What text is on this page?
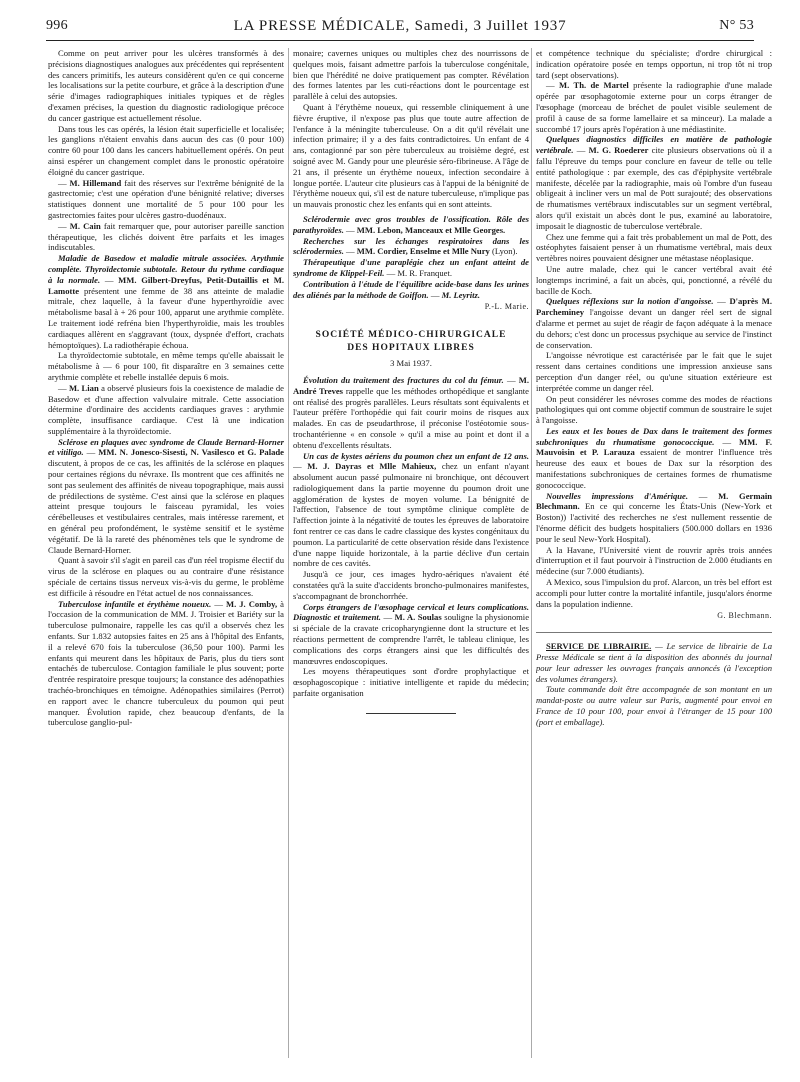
996	LA PRESSE MÉDICALE, Samedi, 3 Juillet 1937	N° 53

Comme on peut arriver pour les ulcères transformés à des précisions diagnostiques analogues aux précédentes qui représentent des cancers primitifs, les auteurs considèrent qu'en ce qui concerne les localisations sur la petite courbure, et grâce à la description d'une série d'images radiographiques initiales typiques et de règles d'examen précises, la question du diagnostic radiologique précoce du cancer gastrique est actuellement résolue.

Dans tous les cas opérés, la lésion était superficielle et localisée; les ganglions n'étaient envahis dans aucun des cas (0 pour 100) contre 60 pour 100 dans les cancers habituellement opérés. On peut ainsi espérer un changement complet dans le pronostic opératoire éloigné du cancer gastrique.

— M. Hillemand fait des réserves sur l'extrême bénignité de la gastrectomie; c'est une opération d'une bénignité relative; diverses statistiques donnent une mortalité de 5 pour 100 pour les gastrectomies faites pour ulcères gastro-duodénaux.

— M. Cain fait remarquer que, pour autoriser pareille sanction thérapeutique, les clichés doivent être parfaits et les images indiscutables.

Maladie de Basedow et maladie mitrale associées. Arythmie complète. Thyroïdectomie subtotale. Retour du rythme cardiaque à la normale. — MM. Gilbert-Dreyfus, Petit-Dutaillis et M. Lamotte présentent une femme de 38 ans atteinte de maladie mitrale, chez laquelle, à la faveur d'une hyperthyroïdie avec métabolisme basal à + 26 pour 100, apparut une arythmie complète. Le traitement iodé refréna bien l'hyperthyroïdie, mais les troubles cardiaques allèrent en s'aggravant (toux, dyspnée d'effort, crachats hémoptoïques). La radiothérapie échoua.

La thyroïdectomie subtotale, en même temps qu'elle abaissait le métabolisme à — 6 pour 100, fit disparaître en 3 semaines cette arythmie complète et rebelle installée depuis 6 mois.

— M. Lian a observé plusieurs fois la coexistence de maladie de Basedow et d'une affection valvulaire mitrale. Cette association détermine d'ordinaire des accidents cardiaques graves : arythmie complète, insuffisance cardiaque. C'est là une indication supplémentaire à la thyroïdectomie.

Sclérose en plaques avec syndrome de Claude Bernard-Horner et vitiligo. — MM. N. Jonesco-Sisesti, N. Vasilesco et G. Palade discutent, à propos de ce cas, les affinités de la sclérose en plaques pour certaines régions du névraxe. Ils montrent que ces affinités ne sont pas seulement des affinités de niveau topographique, mais aussi de prédilections de système. C'est ainsi que la sclérose en plaques atteint presque toujours le faisceau pyramidal, les voies cérébelleuses et vestibulaires centrales, mais intéresse rarement, et en général peu profondément, le système sensitif et le système végétatif. De là la rareté des phénomènes tels que le syndrome de Claude Bernard-Horner.

Quant à savoir s'il s'agit en pareil cas d'un réel tropisme électif du virus de la sclérose en plaques ou au contraire d'une résistance spéciale de certains tissus nerveux vis-à-vis du germe, le problème est difficile à résoudre en l'état actuel de nos connaissances.

Tuberculose infantile et érythème noueux. — M. J. Comby, à l'occasion de la communication de MM. J. Troisier et Bariéty sur la tuberculose pulmonaire, rappelle les cas qu'il a observés chez les enfants. Sur 1.832 autopsies faites en 25 ans à l'hôpital des Enfants, il a relevé 670 fois la tuberculose (36,50 pour 100). Parmi les enfants qui meurent dans les hôpitaux de Paris, plus du tiers sont entachés de tuberculose. Contagion familiale le plus souvent; porte d'entrée respiratoire presque toujours; la constance des adénopathies trachéo-bronchiques en témoigne. Adénopathies similaires (Perrot) en rapport avec le chancre tuberculeux du poumon qui peut manquer. Évolution rapide, chez beaucoup d'enfants, de la tuberculose ganglio-pul-

monaire; cavernes uniques ou multiples chez des nourrissons de quelques mois, faisant admettre parfois la tuberculose congénitale, bien que l'hérédité ne doive pratiquement pas compter. Révélation des formes latentes par les cuti-réactions dont le pourcentage est parallèle à celui des autopsies.

Quant à l'érythème noueux, qui ressemble cliniquement à une fièvre éruptive, il n'expose pas plus que toute autre affection de l'enfance à la méningite tuberculeuse. On a dit qu'il révélait une infection primaire; il y a des faits contradictoires. Un enfant de 4 ans, contagionné par son père tuberculeux au troisième degré, est soigné avec M. Gandy pour une pleurésie séro-fibrineuse. A l'âge de 21 ans, il présente un érythème noueux, infection secondaire à longue portée. L'auteur cite plusieurs cas à l'appui de la bénignité de l'érythème noueux qui, s'il est de nature tuberculeuse, n'implique pas un mauvais pronostic chez les enfants qui en sont atteints.

Sclérodermie avec gros troubles de l'ossification. Rôle des parathyroïdes. — MM. Lebon, Manceaux et Mlle Georges.

Recherches sur les échanges respiratoires dans les sclérodermies. — MM. Cordier, Enselme et Mlle Nury (Lyon).

Thérapeutique d'une paraplégie chez un enfant atteint de syndrome de Klippel-Feil. — M. R. Franquet.

Contribution à l'étude de l'équilibre acide-base dans les urines des aliénés par la méthode de Goiffon. — M. Leyritz.

P.-L. Marie.

SOCIÉTÉ MÉDICO-CHIRURGICALE
DES HOPITAUX LIBRES
3 Mai 1937.

Évolution du traitement des fractures du col du fémur. — M. André Treves rappelle que les méthodes orthopédique et sanglante ont réalisé des progrès parallèles. Leurs résultats sont équivalents et l'auteur préfère l'orthopédie qui fait courir moins de risques aux malades. En cas de pseudarthrose, il préconise l'ostéotomie sous-trochantérienne « en console » qu'il a mise au point et dont il a obtenu d'excellents résultats.

Un cas de kystes aériens du poumon chez un enfant de 12 ans. — M. J. Dayras et Mlle Mahieux, chez un enfant n'ayant absolument aucun passé pulmonaire ni bronchique, ont découvert radiologiquement dans la partie moyenne du poumon droit une agglomération de kystes de moyen volume. La bénignité de l'affection, l'absence de tout symptôme clinique complète de l'affection jointe à la négativité de toutes les épreuves de laboratoire font rentrer ce cas dans le cadre classique des kystes congénitaux du poumon. La particularité de cette observation réside dans l'existence d'une nappe liquide horizontale, à la partie déclive d'un certain nombre de ces cavités.

Jusqu'à ce jour, ces images hydro-aériques n'avaient été constatées qu'à la suite d'accidents broncho-pulmonaires manifestes, s'accompagnant de bronchorrhée.

Corps étrangers de l'œsophage cervical et leurs complications. Diagnostic et traitement. — M. A. Soulas souligne la physionomie si spéciale de la cravate cricopharyngienne dont la structure et les réactions permettent de comprendre l'arrêt, le tableau clinique, les complications des corps étrangers ainsi que les difficultés des manœuvres endoscopiques.

Les moyens thérapeutiques sont d'ordre prophylactique et œsophagoscopique : initiative intelligente et rapide du médecin; parfaite organisation

et compétence technique du spécialiste; d'ordre chirurgical : indication opératoire posée en temps opportun, ni trop tôt ni trop tard (sept observations).

— M. Th. de Martel présente la radiographie d'une malade opérée par œsophagotomie externe pour un corps étranger de l'œsophage (morceau de bréchet de poulet visible seulement de profil à cause de sa forme lamellaire et sa minceur). La malade a succombé 17 jours après l'opération à une médiastinite.

Quelques diagnostics difficiles en matière de pathologie vertébrale. — M. G. Roederer cite plusieurs observations où il a fallu l'épreuve du temps pour conclure en faveur de telle ou telle entité pathologique : par exemple, des cas d'épiphysite vertébrale manifeste, décelée par la radiographie, mais où l'ombre d'un fuseau obligeait à incliner vers un mal de Pott surajouté; des observations de rhumatismes vertébraux indiscutables sur un segment vertébral, alors qu'il existait un abcès dont le pus, examiné au laboratoire, imposait le diagnostic de tuberculose vertébrale.

Chez une femme qui a fait très probablement un mal de Pott, des ostéophytes faisaient penser à un rhumatisme vertébral, mais deux vertèbres noires pouvaient désigner une métastase néoplasique.

Une autre malade, chez qui le cancer vertébral avait été longtemps incriminé, a fait un abcès, qui, ponctionné, a révélé du bacille de Koch.

Quelques réflexions sur la notion d'angoisse. — D'après M. Parchemineу l'angoisse devant un danger réel sert de signal d'alarme et permet au sujet de réagir de façon adéquate à la menace du dehors; c'est donc un processus psychique au service de l'instinct de conservation.

L'angoisse névrotique est caractérisée par le fait que le sujet ressent dans certaines conditions une impression anxieuse sans perception d'un danger réel, ou qu'une situation extérieure est interprétée comme un danger réel.

On peut considérer les névroses comme des modes de réactions pathologiques qui ont comme objectif commun de soustraire le sujet à l'angoisse.

Les eaux et les boues de Dax dans le traitement des formes subchroniques du rhumatisme gonococcique. — MM. F. Mauvoisin et P. Larauza essaient de montrer l'influence très heureuse des eaux et boues de Dax sur la résorption des manifestations subchroniques de certaines formes de rhumatisme gonococcique.

Nouvelles impressions d'Amérique. — M. Germain Blechmann. En ce qui concerne les États-Unis (New-York et Boston)) l'activité des recherches ne s'est nullement ressentie de l'énorme déficit des budgets hospitaliers (500.000 dollars en 1936 pour le seul New-York Hospital).

A la Havane, l'Université vient de rouvrir après trois années d'interruption et il faut pourvoir à l'instruction de 2.000 étudiants en médecine (sur 7.000 étudiants).

A Mexico, sous l'impulsion du prof. Alarcon, un très bel effort est accompli pour lutter contre la mortalité infantile, jusqu'alors énorme dans la population indienne.

G. Blechmann.

SERVICE DE LIBRAIRIE. — Le service de librairie de La Presse Médicale se tient à la disposition des abonnés du journal pour leur adresser les ouvrages français annoncés (à l'exception des volumes étrangers).

Toute commande doit être accompagnée de son montant en un mandat-poste ou autre valeur sur Paris, augmenté pour envoi en France de 10 pour 100, pour envoi à l'étranger de 15 pour 100 (port et emballage).
